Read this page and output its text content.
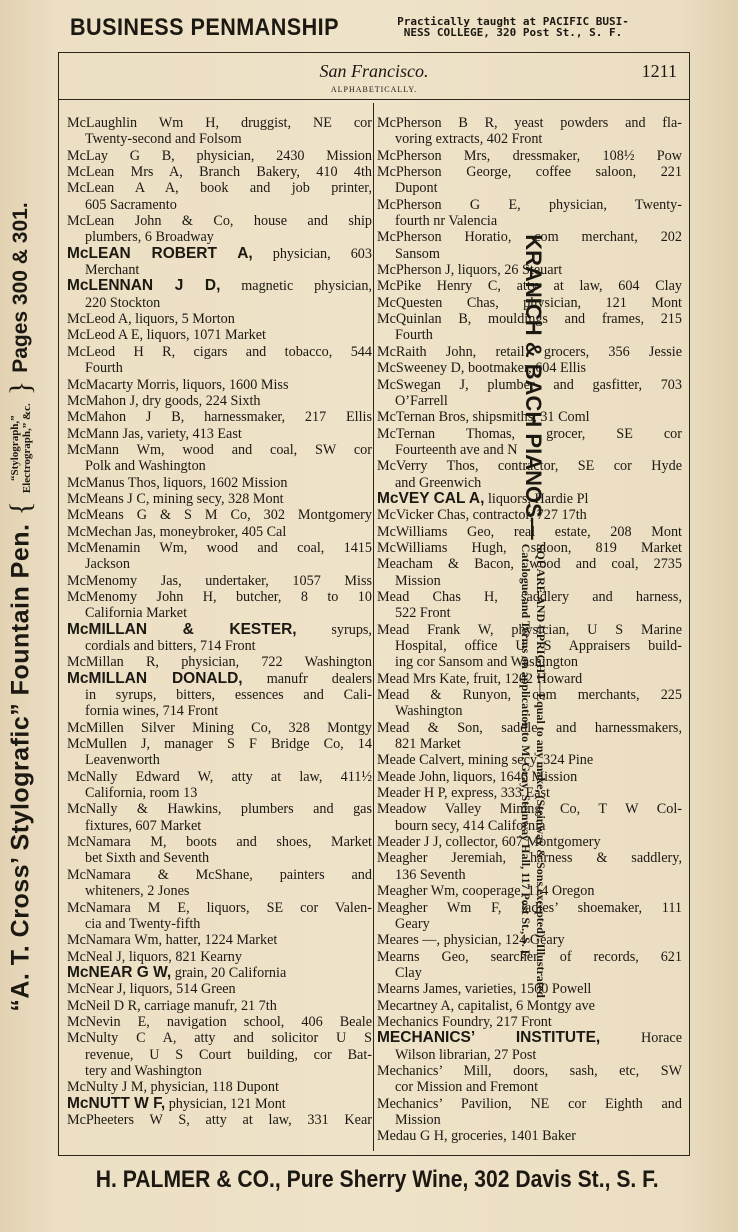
BUSINESS PENMANSHIP	Practically taught at PACIFIC BUSI-
NESS COLLEGE, 320 Post St., S. F.
“A. T. Cross’ Stylografic” Fountain Pen. {
“Stylograph,” Electrograph,” &c.
} Pages 300 & 301.	KRANICH & BACH PIANOS—
SQUARE AND UPRIGHT—Equal to any make, (Steinway & Sons excepted). Illustrated
Catalogue and Terms on application to M. Gray, Steinway Hall, 117 Post St., S. F.
San Francisco.	1211
ALPHABETICALLY.
McLaughlin Wm H, druggist, NE cor
Twenty-second and Folsom
McLay G B, physician, 2430 Mission
McLean Mrs A, Branch Bakery, 410 4th
McLean A A, book and job printer,
605 Sacramento
McLean John & Co, house and ship
plumbers, 6 Broadway
McLEAN ROBERT A, physician, 603
Merchant
McLENNAN J D, magnetic physician,
220 Stockton
McLeod A, liquors, 5 Morton
McLeod A E, liquors, 1071 Market
McLeod H R, cigars and tobacco, 544
Fourth
McMacarty Morris, liquors, 1600 Miss
McMahon J, dry goods, 224 Sixth
McMahon J B, harnessmaker, 217 Ellis
McMann Jas, variety, 413 East
McMann Wm, wood and coal, SW cor
Polk and Washington
McManus Thos, liquors, 1602 Mission
McMeans J C, mining secy, 328 Mont
McMeans G & S M Co, 302 Montgomery
McMechan Jas, moneybroker, 405 Cal
McMenamin Wm, wood and coal, 1415
Jackson
McMenomy Jas, undertaker, 1057 Miss
McMenomy John H, butcher, 8 to 10
California Market
McMILLAN & KESTER, syrups,
cordials and bitters, 714 Front
McMillan R, physician, 722 Washington
McMILLAN DONALD, manufr dealers
in syrups, bitters, essences and Cali-
fornia wines, 714 Front
McMillen Silver Mining Co, 328 Montgy
McMullen J, manager S F Bridge Co, 14
Leavenworth
McNally Edward W, atty at law, 411½
California, room 13
McNally & Hawkins, plumbers and gas
fixtures, 607 Market
McNamara M, boots and shoes, Market
bet Sixth and Seventh
McNamara & McShane, painters and
whiteners, 2 Jones
McNamara M E, liquors, SE cor Valen-
cia and Twenty-fifth
McNamara Wm, hatter, 1224 Market
McNeal J, liquors, 821 Kearny
McNEAR G W, grain, 20 California
McNear J, liquors, 514 Green
McNeil D R, carriage manufr, 21 7th
McNevin E, navigation school, 406 Beale
McNulty C A, atty and solicitor U S
revenue, U S Court building, cor Bat-
tery and Washington
McNulty J M, physician, 118 Dupont
McNUTT W F, physician, 121 Mont
McPheeters W S, atty at law, 331 Kear
McPherson B R, yeast powders and fla-
voring extracts, 402 Front
McPherson Mrs, dressmaker, 108½ Pow
McPherson George, coffee saloon, 221
Dupont
McPherson G E, physician, Twenty-
fourth nr Valencia
McPherson Horatio, com merchant, 202
Sansom
McPherson J, liquors, 26 Steuart
McPike Henry C, atty at law, 604 Clay
McQuesten Chas, physician, 121 Mont
McQuinlan B, mouldings and frames, 215
Fourth
McRaith John, retail grocers, 356 Jessie
McSweeney D, bootmaker, 604 Ellis
McSwegan J, plumber and gasfitter, 703
O’Farrell
McTernan Bros, shipsmiths, 31 Coml
McTernan Thomas, grocer, SE cor
Fourteenth ave and N
McVerry Thos, contractor, SE cor Hyde
and Greenwich
McVEY CAL A, liquors, Hardie Pl
McVicker Chas, contractor, 727 17th
McWilliams Geo, real estate, 208 Mont
McWilliams Hugh, saloon, 819 Market
Meacham & Bacon, wood and coal, 2735
Mission
Mead Chas H, saddlery and harness,
522 Front
Mead Frank W, physician, U S Marine
Hospital, office U S Appraisers build-
ing cor Sansom and Washington
Mead Mrs Kate, fruit, 1202 Howard
Mead & Runyon, com merchants, 225
Washington
Mead & Son, saddle and harnessmakers,
821 Market
Meade Calvert, mining secy, 324 Pine
Meade John, liquors, 1646 Mission
Meader H P, express, 333 East
Meadow Valley Mining Co, T W Col-
bourn secy, 414 California
Meader J J, collector, 607 Montgomery
Meagher Jeremiah, harness & saddlery,
136 Seventh
Meagher Wm, cooperage, 114 Oregon
Meagher Wm F, ladies’ shoemaker, 111
Geary
Meares —, physician, 124 Geary
Mearns Geo, searcher of records, 621
Clay
Mearns James, varieties, 1500 Powell
Mecartney A, capitalist, 6 Montgy ave
Mechanics Foundry, 217 Front
MECHANICS’ INSTITUTE, Horace
Wilson librarian, 27 Post
Mechanics’ Mill, doors, sash, etc, SW
cor Mission and Fremont
Mechanics’ Pavilion, NE cor Eighth and
Mission
Medau G H, groceries, 1401 Baker
H. PALMER & CO., Pure Sherry Wine, 302 Davis St., S. F.
